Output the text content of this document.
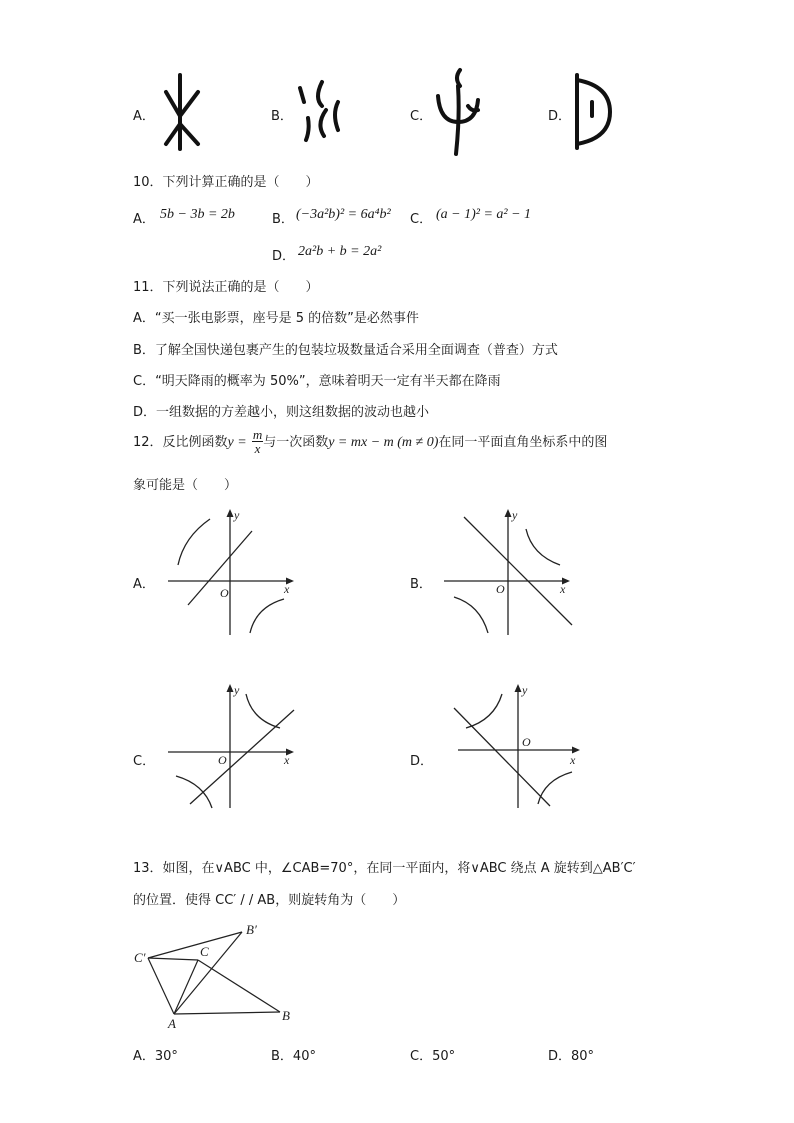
A．	B．	C．	D．
10．下列计算正确的是（　　）
A． 5b − 3b = 2b	B． (−3a²b)² = 6a⁴b² C． (a − 1)² = a² − 1
D． 2a²b + b = 2a²
11．下列说法正确的是（　　）
A．“买一张电影票，座号是 5 的倍数”是必然事件
B．了解全国快递包裹产生的包装垃圾数量适合采用全面调查（普查）方式
C．“明天降雨的概率为 50%”，意味着明天一定有半天都在降雨
D．一组数据的方差越小，则这组数据的波动也越小
12．反比例函数$y = \frac{m}{x}$ 与一次函数y = mx − m (m ≠ 0)在同一平面直角坐标系中的图
象可能是（　　）
A．
O	x
y
B．	O	x
y
C．	O	x
y
D．
O
x
y
13．如图，在∨ABC 中，∠CAB=70°，在同一平面内，将∨ABC 绕点 A 旋转到△AB′C′
的位置．使得 CC′ / / AB，则旋转角为（　　）
C′	C
B′
A
B
A．30°	B．40°	C．50°	D．80°
